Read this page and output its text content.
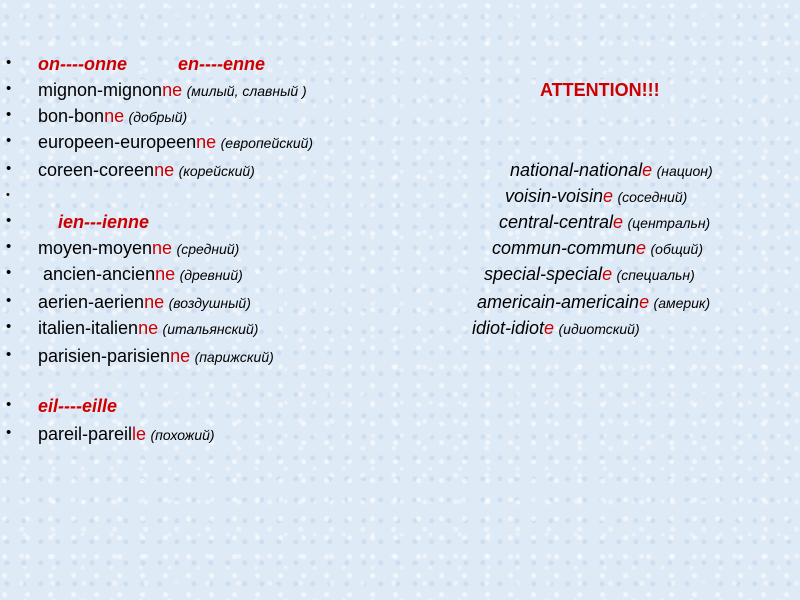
• on----onne	en----enne
• mignon-mignonne (милый, славный )	ATTENTION!!!
• bon-bonne (добрый)
• europeen-europeenne (европейский)
• coreen-coreenne (корейский)	national-nationale (национ)
•	voisin-voisine (соседний)
•	ien---ienne	central-centrale (центральн)
• moyen-moyenne (средний)	commun-commune (общий)
• ancien-ancienne (древний)	special-speciale (специальн)
• aerien-aerienne (воздушный)	americain-americaine (америк)
• italien-italienne (итальянский)	idiot-idiote (идиотский)
• parisien-parisienne (парижский)
• eil----eille
• pareil-pareille (похожий)
